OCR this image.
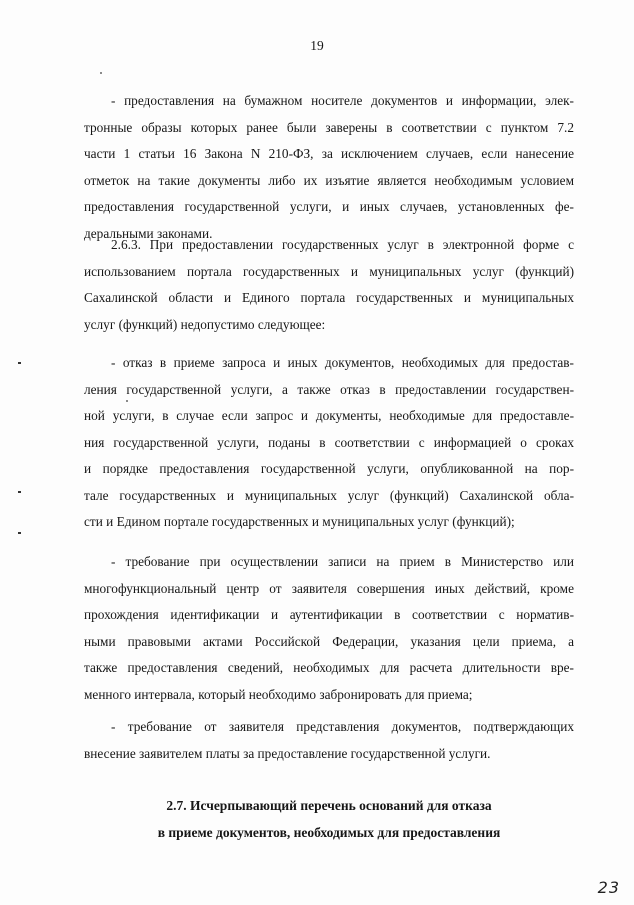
19
- предоставления на бумажном носителе документов и информации, элек-
тронные образы которых ранее были заверены в соответствии с пунктом 7.2
части 1 статьи 16 Закона N 210-ФЗ, за исключением случаев, если нанесение
отметок на такие документы либо их изъятие является необходимым условием
предоставления государственной услуги, и иных случаев, установленных фе-
деральными законами.
2.6.3. При предоставлении государственных услуг в электронной форме с
использованием портала государственных и муниципальных услуг (функций)
Сахалинской области и Единого портала государственных и муниципальных
услуг (функций) недопустимо следующее:
- отказ в приеме запроса и иных документов, необходимых для предостав-
ления государственной услуги, а также отказ в предоставлении государствен-
ной услуги, в случае если запрос и документы, необходимые для предоставле-
ния государственной услуги, поданы в соответствии с информацией о сроках
и порядке предоставления государственной услуги, опубликованной на пор-
тале государственных и муниципальных услуг (функций) Сахалинской обла-
сти и Едином портале государственных и муниципальных услуг (функций);
- требование при осуществлении записи на прием в Министерство или
многофункциональный центр от заявителя совершения иных действий, кроме
прохождения идентификации и аутентификации в соответствии с норматив-
ными правовыми актами Российской Федерации, указания цели приема, а
также предоставления сведений, необходимых для расчета длительности вре-
менного интервала, который необходимо забронировать для приема;
- требование от заявителя представления документов, подтверждающих
внесение заявителем платы за предоставление государственной услуги.
2.7. Исчерпывающий перечень оснований для отказа
в приеме документов, необходимых для предоставления
23
